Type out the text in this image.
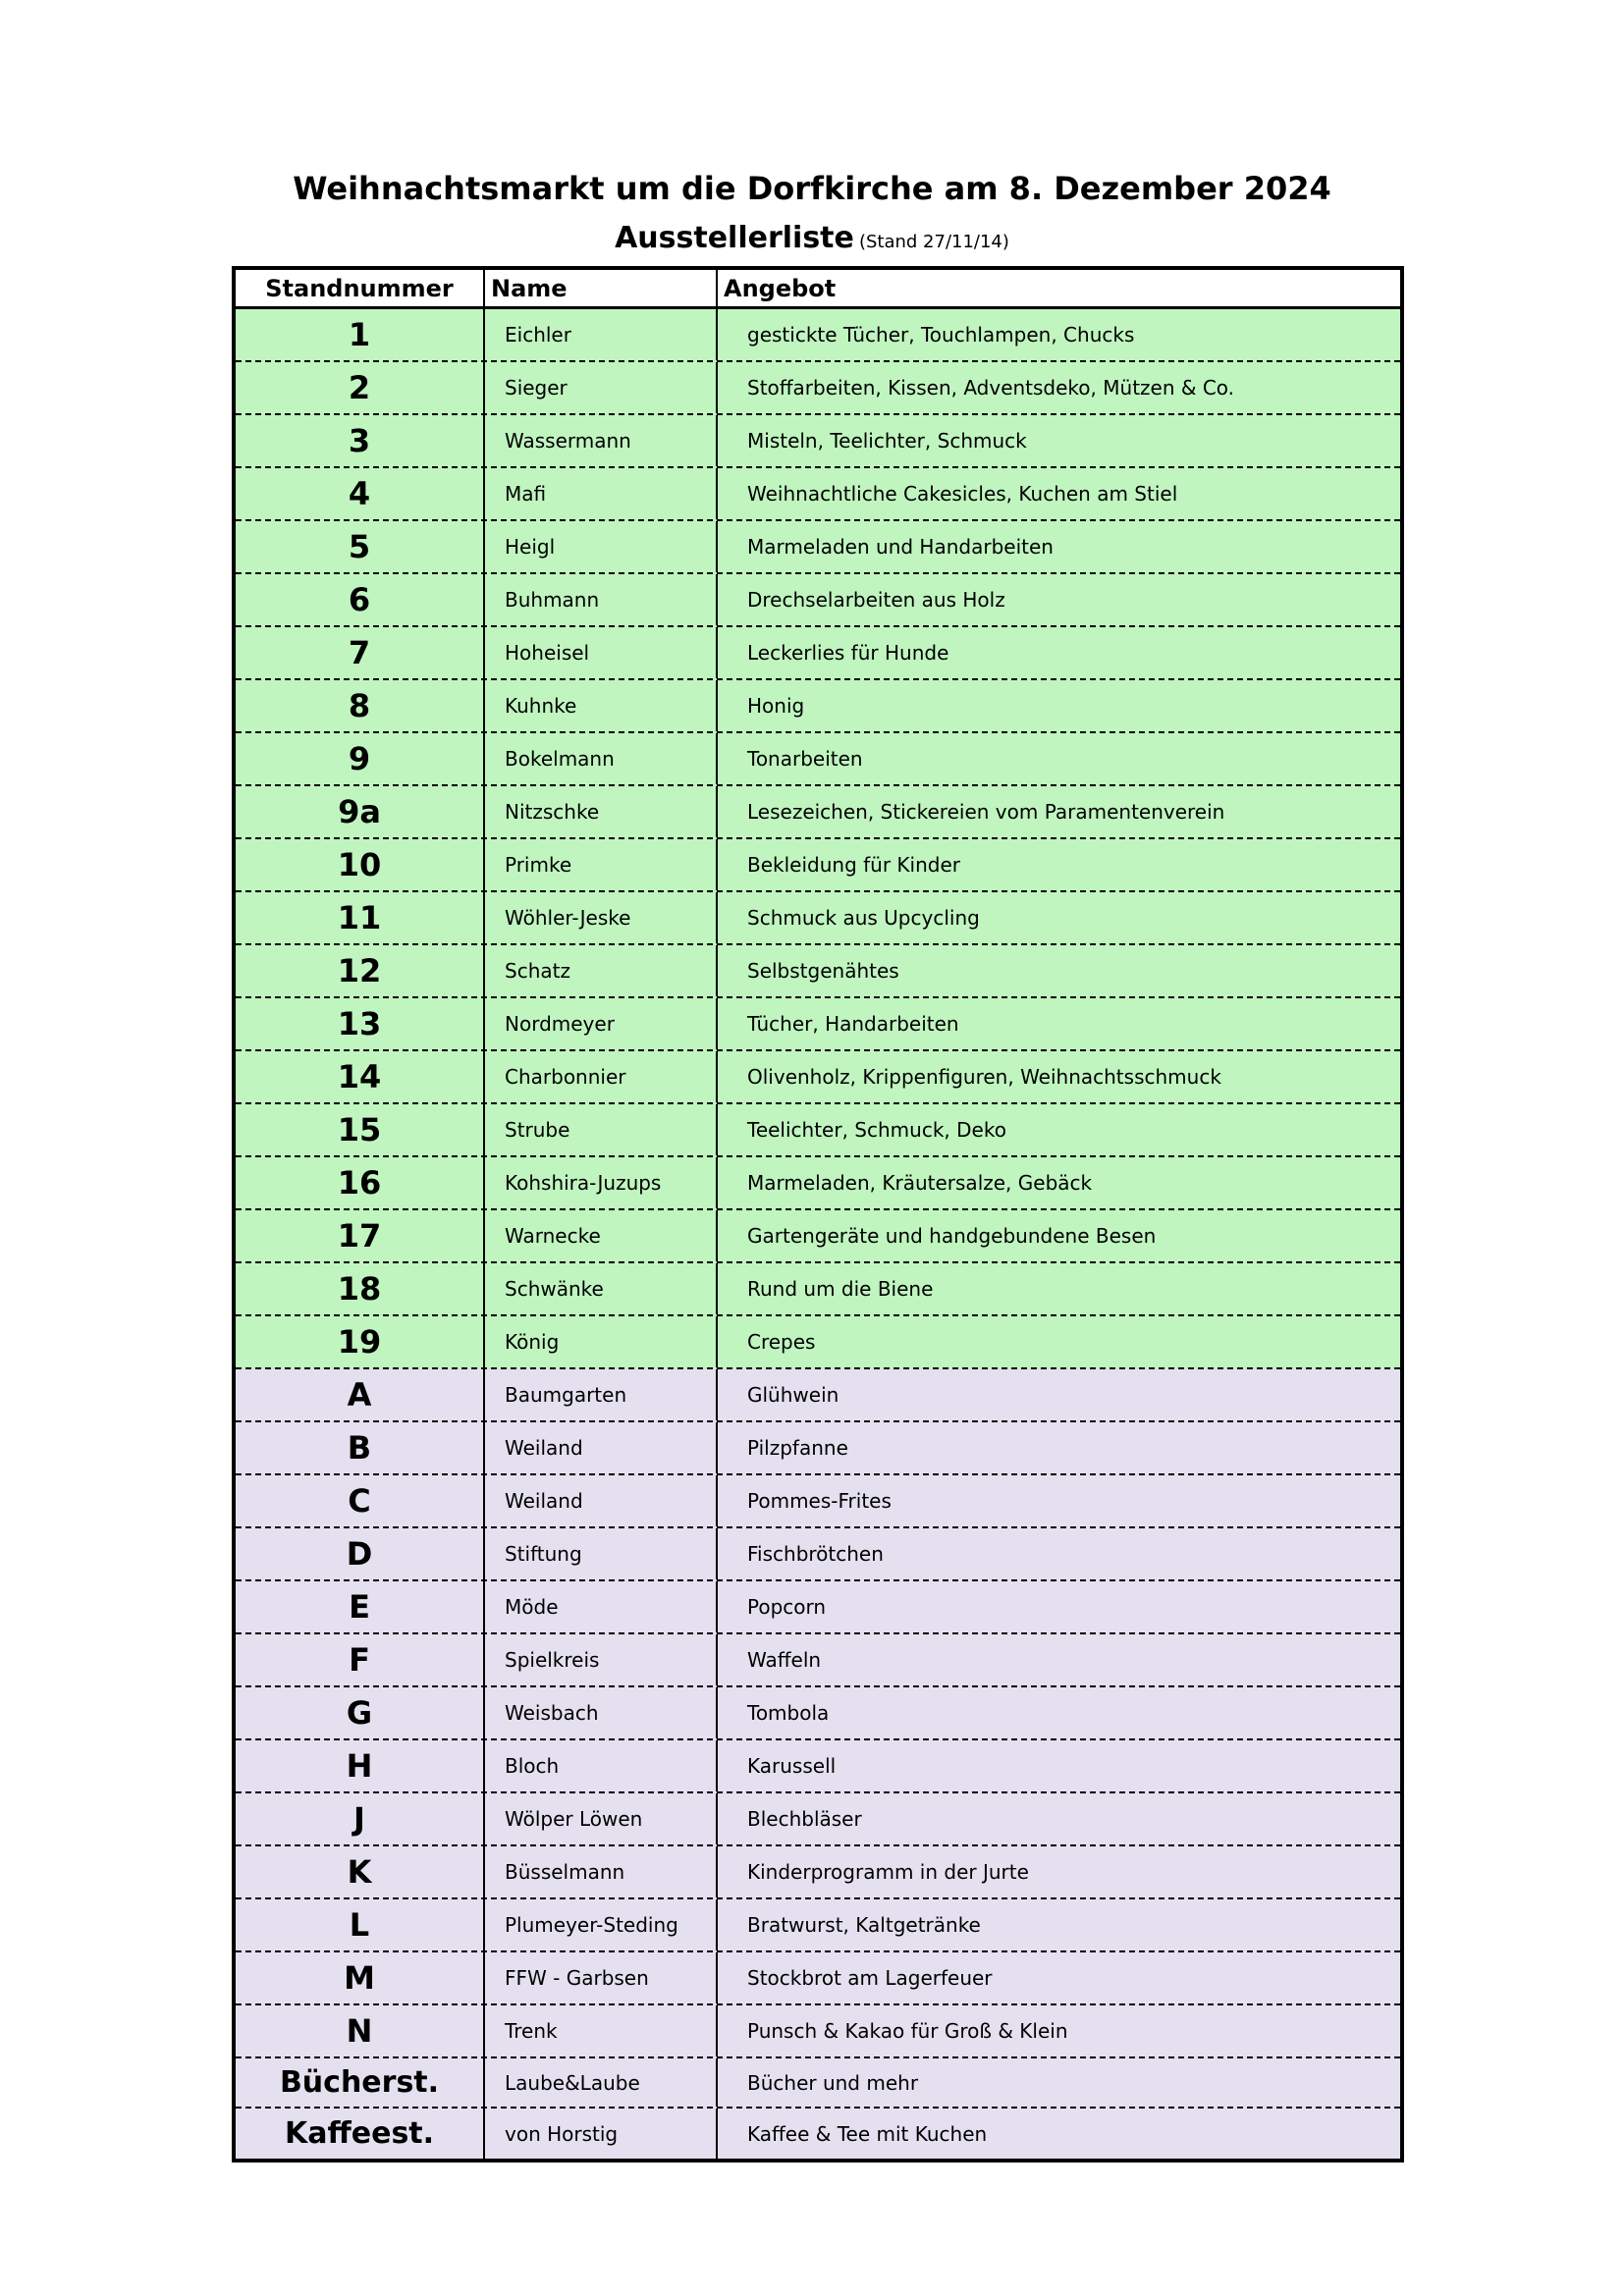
Weihnachtsmarkt um die Dorfkirche am 8. Dezember 2024
Ausstellerliste (Stand 27/11/14)
Standnummer	Name	Angebot
1	Eichler	gestickte Tücher, Touchlampen, Chucks
2	Sieger	Stoffarbeiten, Kissen, Adventsdeko, Mützen & Co.
3	Wassermann	Misteln, Teelichter, Schmuck
4	Mafi	Weihnachtliche Cakesicles, Kuchen am Stiel
5	Heigl	Marmeladen und Handarbeiten
6	Buhmann	Drechselarbeiten aus Holz
7	Hoheisel	Leckerlies für Hunde
8	Kuhnke	Honig
9	Bokelmann	Tonarbeiten
9a	Nitzschke	Lesezeichen, Stickereien vom Paramentenverein
10	Primke	Bekleidung für Kinder
11	Wöhler-Jeske	Schmuck aus Upcycling
12	Schatz	Selbstgenähtes
13	Nordmeyer	Tücher, Handarbeiten
14	Charbonnier	Olivenholz, Krippenfiguren, Weihnachtsschmuck
15	Strube	Teelichter, Schmuck, Deko
16	Kohshira-Juzups	Marmeladen, Kräutersalze, Gebäck
17	Warnecke	Gartengeräte und handgebundene Besen
18	Schwänke	Rund um die Biene
19	König	Crepes
A	Baumgarten	Glühwein
B	Weiland	Pilzpfanne
C	Weiland	Pommes-Frites
D	Stiftung	Fischbrötchen
E	Möde	Popcorn
F	Spielkreis	Waffeln
G	Weisbach	Tombola
H	Bloch	Karussell
J	Wölper Löwen	Blechbläser
K	Büsselmann	Kinderprogramm in der Jurte
L	Plumeyer-Steding	Bratwurst, Kaltgetränke
M	FFW - Garbsen	Stockbrot am Lagerfeuer
N	Trenk	Punsch & Kakao für Groß & Klein
Bücherst.	Laube&Laube	Bücher und mehr
Kaffeest.	von Horstig	Kaffee & Tee mit Kuchen
